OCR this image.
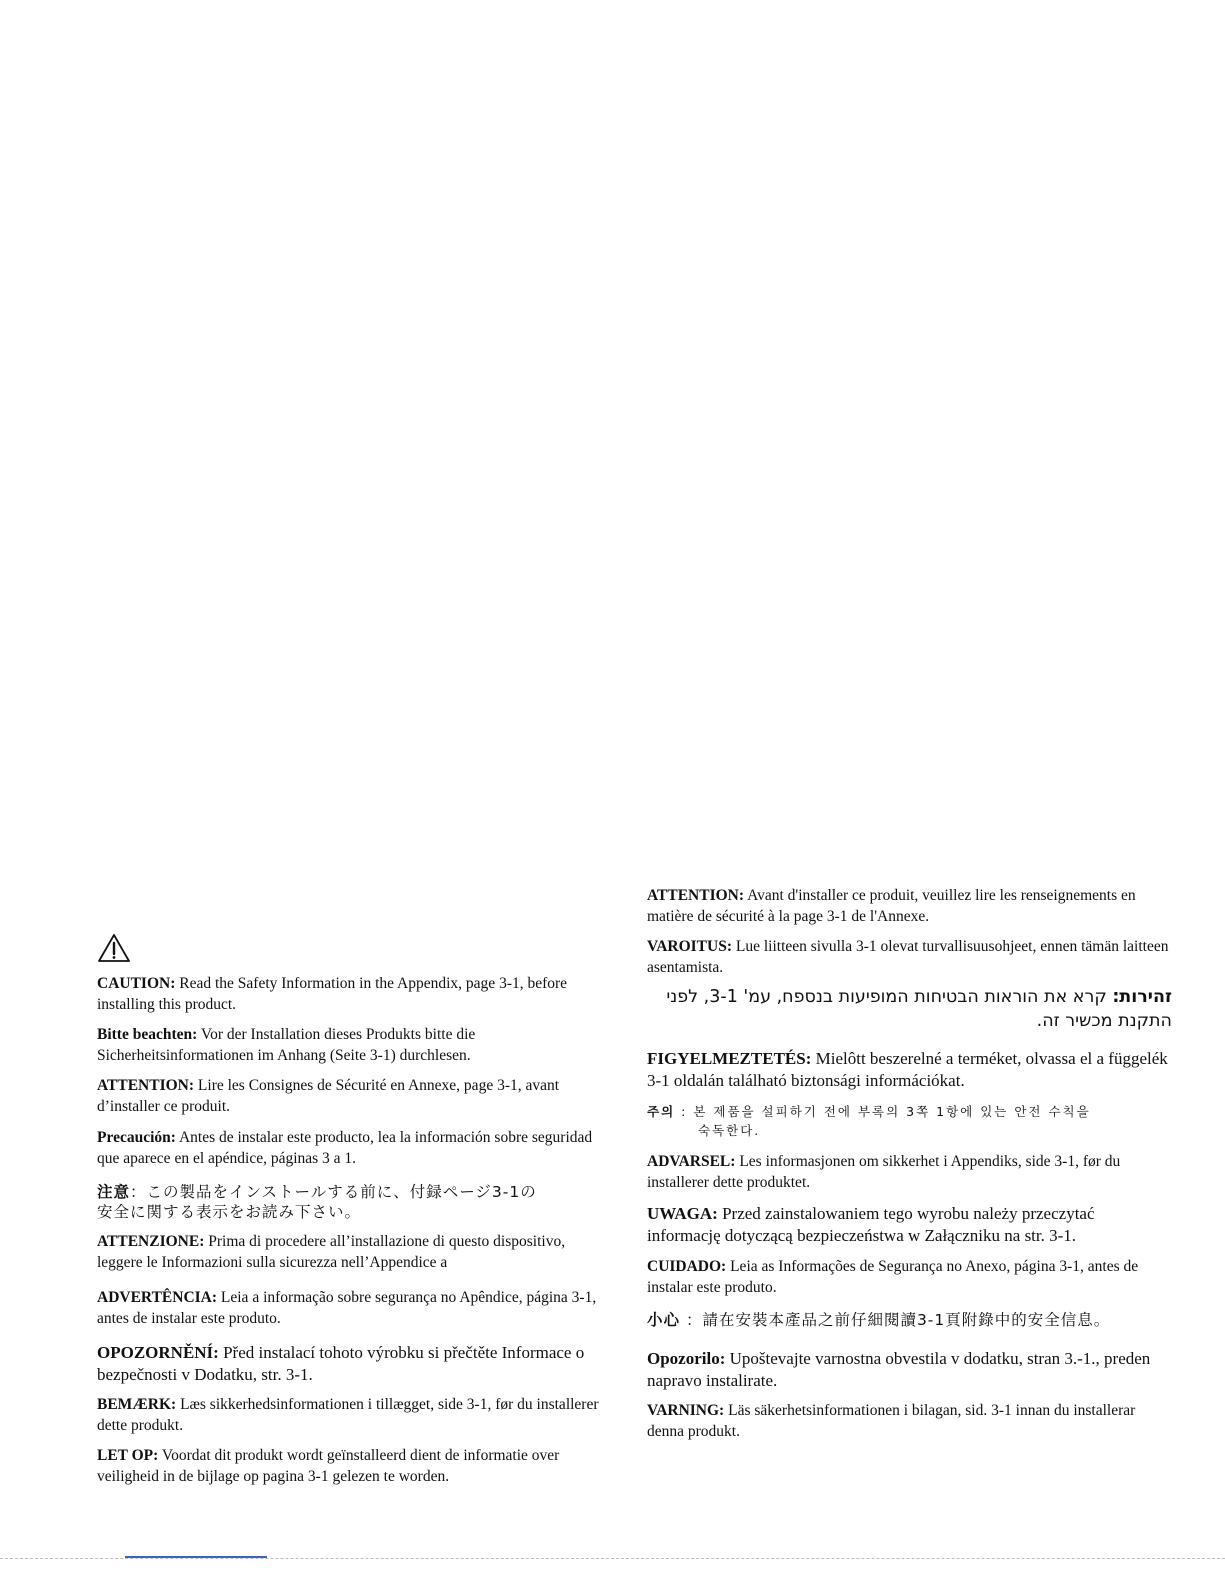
CAUTION: Read the Safety Information in the Appendix, page 3-1, before installing this product.

Bitte beachten: Vor der Installation dieses Produkts bitte die Sicherheitsinformationen im Anhang (Seite 3-1) durchlesen.

ATTENTION: Lire les Consignes de Sécurité en Annexe, page 3-1, avant d’installer ce produit.

Precaución: Antes de instalar este producto, lea la información sobre seguridad que aparece en el apéndice, páginas 3 a 1.

注意：この製品をインストールする前に、付録ページ3-1の安全に関する表示をお読み下さい。

ATTENZIONE: Prima di procedere all’installazione di questo dispositivo, leggere le Informazioni sulla sicurezza nell’Appendice a

ADVERTÊNCIA: Leia a informação sobre segurança no Apêndice, página 3-1, antes de instalar este produto.

OPOZORNĚNÍ: Před instalací tohoto výrobku si přečtěte Informace o bezpečnosti v Dodatku, str. 3-1.

BEMÆRK: Læs sikkerhedsinformationen i tillægget, side 3-1, før du installerer dette produkt.

LET OP: Voordat dit produkt wordt geïnstalleerd dient de informatie over veiligheid in de bijlage op pagina 3-1 gelezen te worden.

ATTENTION: Avant d'installer ce produit, veuillez lire les renseignements en matière de sécurité à la page 3-1 de l'Annexe.

VAROITUS: Lue liitteen sivulla 3-1 olevat turvallisuusohjeet, ennen tämän laitteen asentamista.

זהירות: קרא את הוראות הבטיחות המופיעות בנספח, עמ' 3-1, לפני התקנת מכשיר זה.

FIGYELMEZTETÉS: Mielôtt beszerelné a terméket, olvassa el a függelék 3-1 oldalán található biztonsági információkat.

주의 : 본 제품을 설피하기 전에 부록의 3쪽 1항에 있는 안전 수칙을
숙독한다.

ADVARSEL: Les informasjonen om sikkerhet i Appendiks, side 3-1, før du installerer dette produktet.

UWAGA: Przed zainstalowaniem tego wyrobu należy przeczytać informację dotyczącą bezpieczeństwa w Załączniku na str. 3-1.

CUIDADO: Leia as Informações de Segurança no Anexo, página 3-1, antes de instalar este produto.

小心 ：請在安裝本產品之前仔細閱讀3-1頁附錄中的安全信息。

Opozorilo: Upoštevajte varnostna obvestila v dodatku, stran 3.-1., preden napravo instalirate.

VARNING: Läs säkerhetsinformationen i bilagan, sid. 3-1 innan du installerar denna produkt.
